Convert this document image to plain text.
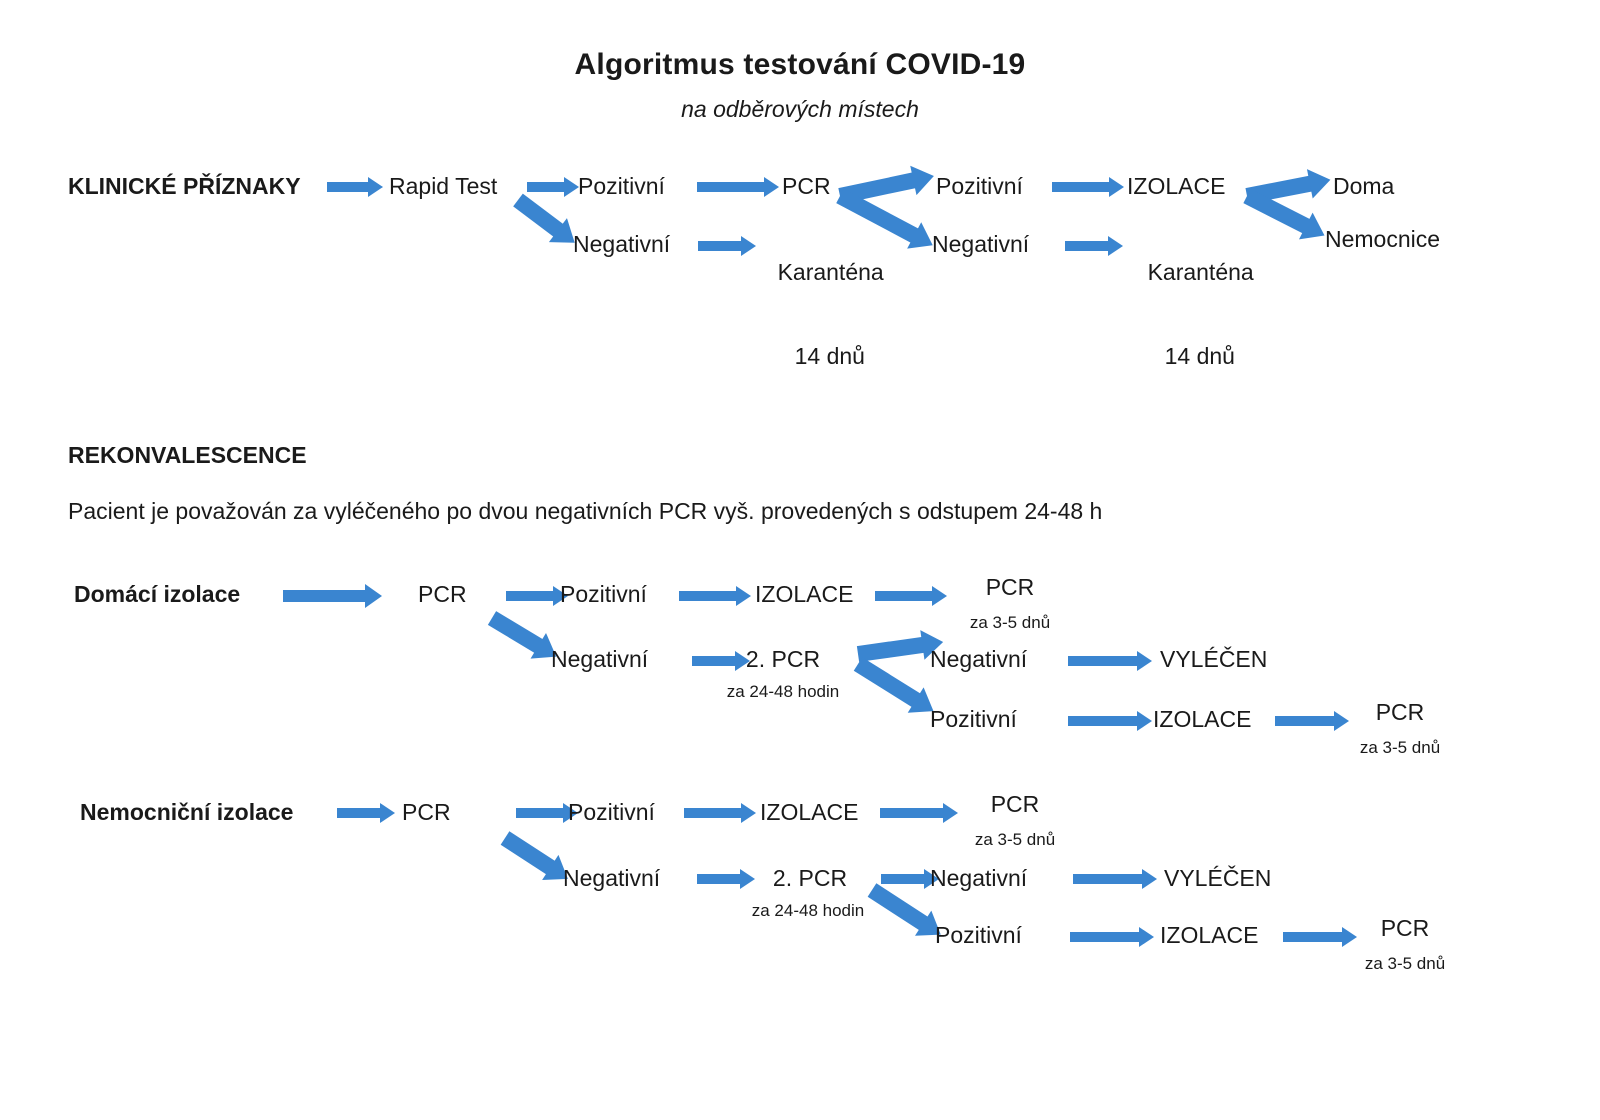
Algoritmus testování COVID-19
na odběrových místech
KLINICKÉ PŘÍZNAKY	Rapid Test	Pozitivní
Negativní
PCR

Karanténa

14 dnů

Pozitivní
Negativní
IZOLACE

Karanténa

14 dnů

Doma
Nemocnice
REKONVALESCENCE
Pacient je považován za vyléčeného po dvou negativních PCR vyš. provedených s odstupem 24-48 h
Domácí izolace	PCR	Pozitivní	IZOLACE	PCR
za 3-5 dnů
Negativní	2. PCR
za 24-48 hodin
Negativní	VYLÉČEN
Pozitivní	IZOLACE	PCR
za 3-5 dnů
Nemocniční izolace	PCR	Pozitivní	IZOLACE	PCR
za 3-5 dnů
Negativní	2. PCR
za 24-48 hodin
Negativní	VYLÉČEN
Pozitivní	IZOLACE	PCR
za 3-5 dnů
